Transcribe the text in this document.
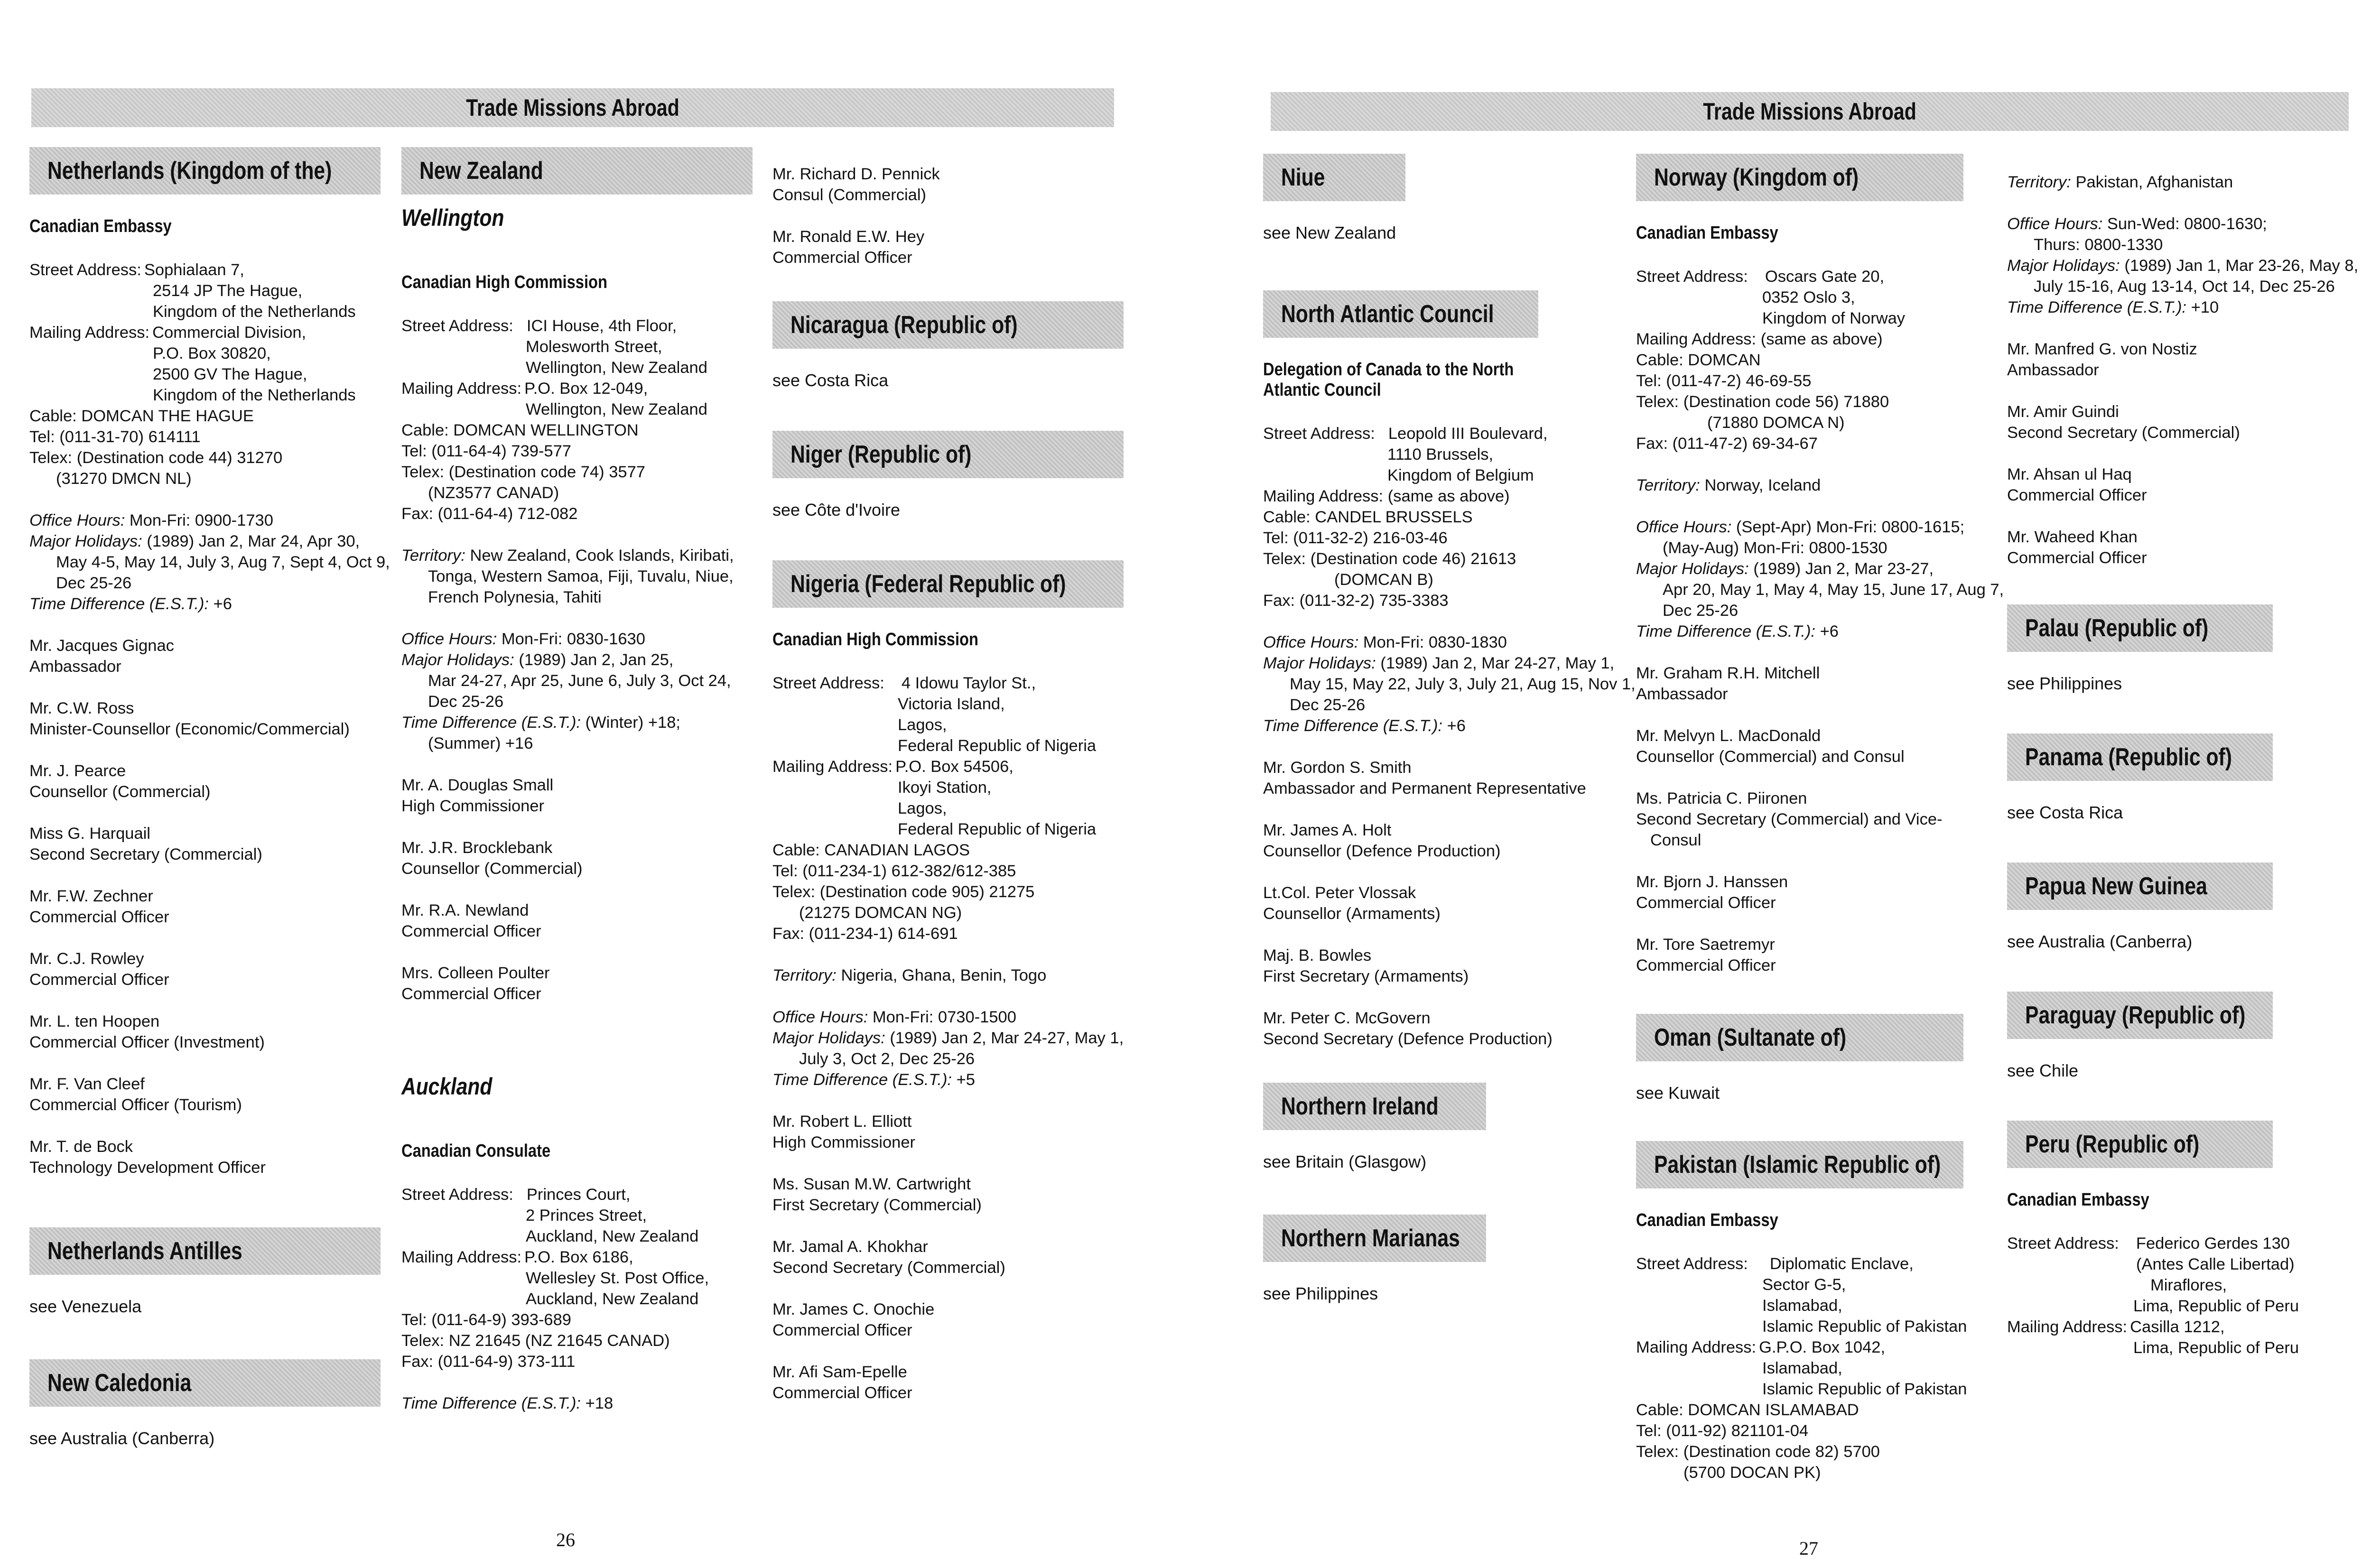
Trade Missions Abroad
Netherlands (Kingdom of the)
Canadian Embassy
Street Address: Sophialaan 7,
2514 JP The Hague,
Kingdom of the Netherlands
Mailing Address: Commercial Division,
P.O. Box 30820,
2500 GV The Hague,
Kingdom of the Netherlands
Cable: DOMCAN THE HAGUE
Tel: (011-31-70) 614111
Telex: (Destination code 44) 31270
(31270 DMCN NL)
Office Hours: Mon-Fri: 0900-1730
Major Holidays: (1989) Jan 2, Mar 24, Apr 30,
May 4-5, May 14, July 3, Aug 7, Sept 4, Oct 9,
Dec 25-26
Time Difference (E.S.T.): +6
Mr. Jacques Gignac
Ambassador
Mr. C.W. Ross
Minister-Counsellor (Economic/Commercial)
Mr. J. Pearce
Counsellor (Commercial)
Miss G. Harquail
Second Secretary (Commercial)
Mr. F.W. Zechner
Commercial Officer
Mr. C.J. Rowley
Commercial Officer
Mr. L. ten Hoopen
Commercial Officer (Investment)
Mr. F. Van Cleef
Commercial Officer (Tourism)
Mr. T. de Bock
Technology Development Officer
Netherlands Antilles
see Venezuela
New Caledonia
see Australia (Canberra)
New Zealand
Wellington
Canadian High Commission
Street Address: ICI House, 4th Floor,
Molesworth Street,
Wellington, New Zealand
Mailing Address: P.O. Box 12-049,
Wellington, New Zealand
Cable: DOMCAN WELLINGTON
Tel: (011-64-4) 739-577
Telex: (Destination code 74) 3577
(NZ3577 CANAD)
Fax: (011-64-4) 712-082
Territory: New Zealand, Cook Islands, Kiribati,
Tonga, Western Samoa, Fiji, Tuvalu, Niue,
French Polynesia, Tahiti
Office Hours: Mon-Fri: 0830-1630
Major Holidays: (1989) Jan 2, Jan 25,
Mar 24-27, Apr 25, June 6, July 3, Oct 24,
Dec 25-26
Time Difference (E.S.T.): (Winter) +18;
(Summer) +16
Mr. A. Douglas Small
High Commissioner
Mr. J.R. Brocklebank
Counsellor (Commercial)
Mr. R.A. Newland
Commercial Officer
Mrs. Colleen Poulter
Commercial Officer
Auckland
Canadian Consulate
Street Address: Princes Court,
2 Princes Street,
Auckland, New Zealand
Mailing Address: P.O. Box 6186,
Wellesley St. Post Office,
Auckland, New Zealand
Tel: (011-64-9) 393-689
Telex: NZ 21645 (NZ 21645 CANAD)
Fax: (011-64-9) 373-111
Time Difference (E.S.T.): +18
Mr. Richard D. Pennick
Consul (Commercial)
Mr. Ronald E.W. Hey
Commercial Officer
Nicaragua (Republic of)
see Costa Rica
Niger (Republic of)
see Côte d'Ivoire
Nigeria (Federal Republic of)
Canadian High Commission
Street Address:	4 Idowu Taylor St.,
Victoria Island,
Lagos,
Federal Republic of Nigeria
Mailing Address: P.O. Box 54506,
Ikoyi Station,
Lagos,
Federal Republic of Nigeria
Cable: CANADIAN LAGOS
Tel: (011-234-1) 612-382/612-385
Telex: (Destination code 905) 21275
(21275 DOMCAN NG)
Fax: (011-234-1) 614-691
Territory: Nigeria, Ghana, Benin, Togo
Office Hours: Mon-Fri: 0730-1500
Major Holidays: (1989) Jan 2, Mar 24-27, May 1,
July 3, Oct 2, Dec 25-26
Time Difference (E.S.T.): +5
Mr. Robert L. Elliott
High Commissioner
Ms. Susan M.W. Cartwright
First Secretary (Commercial)
Mr. Jamal A. Khokhar
Second Secretary (Commercial)
Mr. James C. Onochie
Commercial Officer
Mr. Afi Sam-Epelle
Commercial Officer
26
Trade Missions Abroad
Niue
see New Zealand
North Atlantic Council
Delegation of Canada to the North
Atlantic Council
Street Address: Leopold III Boulevard,
1110 Brussels,
Kingdom of Belgium
Mailing Address: (same as above)
Cable: CANDEL BRUSSELS
Tel: (011-32-2) 216-03-46
Telex: (Destination code 46) 21613
(DOMCAN B)
Fax: (011-32-2) 735-3383
Office Hours: Mon-Fri: 0830-1830
Major Holidays: (1989) Jan 2, Mar 24-27, May 1,
May 15, May 22, July 3, July 21, Aug 15, Nov 1,
Dec 25-26
Time Difference (E.S.T.): +6
Mr. Gordon S. Smith
Ambassador and Permanent Representative
Mr. James A. Holt
Counsellor (Defence Production)
Lt.Col. Peter Vlossak
Counsellor (Armaments)
Maj. B. Bowles
First Secretary (Armaments)
Mr. Peter C. McGovern
Second Secretary (Defence Production)
Northern Ireland
see Britain (Glasgow)
Northern Marianas
see Philippines
Norway (Kingdom of)
Canadian Embassy
Street Address:	Oscars Gate 20,
0352 Oslo 3,
Kingdom of Norway
Mailing Address: (same as above)
Cable: DOMCAN
Tel: (011-47-2) 46-69-55
Telex: (Destination code 56) 71880
(71880 DOMCA N)
Fax: (011-47-2) 69-34-67
Territory: Norway, Iceland
Office Hours: (Sept-Apr) Mon-Fri: 0800-1615;
(May-Aug) Mon-Fri: 0800-1530
Major Holidays: (1989) Jan 2, Mar 23-27,
Apr 20, May 1, May 4, May 15, June 17, Aug 7,
Dec 25-26
Time Difference (E.S.T.): +6
Mr. Graham R.H. Mitchell
Ambassador
Mr. Melvyn L. MacDonald
Counsellor (Commercial) and Consul
Ms. Patricia C. Piironen
Second Secretary (Commercial) and Vice-
Consul
Mr. Bjorn J. Hanssen
Commercial Officer
Mr. Tore Saetremyr
Commercial Officer
Oman (Sultanate of)
see Kuwait
Pakistan (Islamic Republic of)
Canadian Embassy
Street Address:	Diplomatic Enclave,
Sector G-5,
Islamabad,
Islamic Republic of Pakistan
Mailing Address: G.P.O. Box 1042,
Islamabad,
Islamic Republic of Pakistan
Cable: DOMCAN ISLAMABAD
Tel: (011-92) 821101-04
Telex: (Destination code 82) 5700
(5700 DOCAN PK)
Territory: Pakistan, Afghanistan
Office Hours: Sun-Wed: 0800-1630;
Thurs: 0800-1330
Major Holidays: (1989) Jan 1, Mar 23-26, May 8,
July 15-16, Aug 13-14, Oct 14, Dec 25-26
Time Difference (E.S.T.): +10
Mr. Manfred G. von Nostiz
Ambassador
Mr. Amir Guindi
Second Secretary (Commercial)
Mr. Ahsan ul Haq
Commercial Officer
Mr. Waheed Khan
Commercial Officer
Palau (Republic of)
see Philippines
Panama (Republic of)
see Costa Rica
Papua New Guinea
see Australia (Canberra)
Paraguay (Republic of)
see Chile
Peru (Republic of)
Canadian Embassy
Street Address:	Federico Gerdes 130
(Antes Calle Libertad)
Miraflores,
Lima, Republic of Peru
Mailing Address: Casilla 1212,
Lima, Republic of Peru
27
